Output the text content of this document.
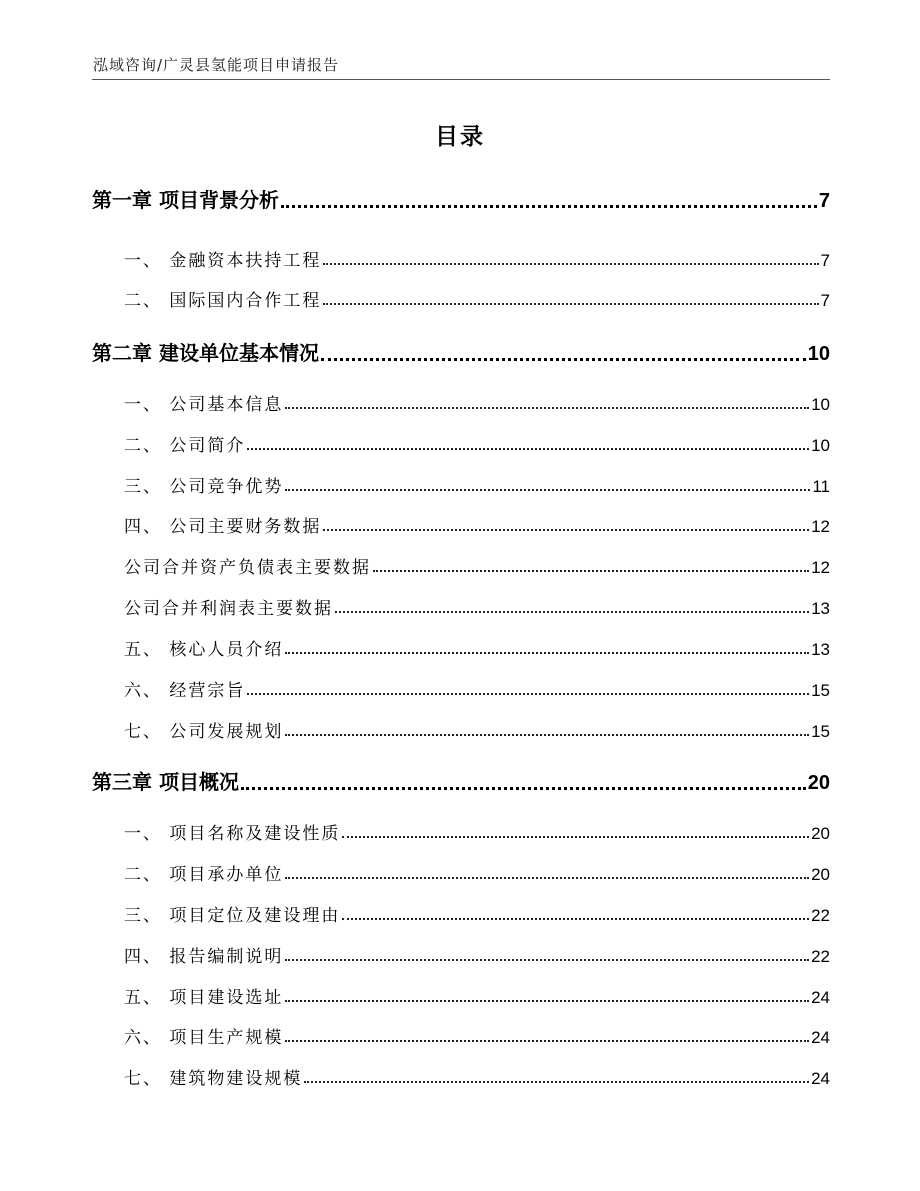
泓域咨询/广灵县氢能项目申请报告
目录
第一章 项目背景分析	7
一、 金融资本扶持工程	7
二、 国际国内合作工程	7
第二章 建设单位基本情况	10
一、 公司基本信息	10
二、 公司简介	10
三、 公司竞争优势	11
四、 公司主要财务数据	12
公司合并资产负债表主要数据	12
公司合并利润表主要数据	13
五、 核心人员介绍	13
六、 经营宗旨	15
七、 公司发展规划	15
第三章 项目概况	20
一、 项目名称及建设性质	20
二、 项目承办单位	20
三、 项目定位及建设理由	22
四、 报告编制说明	22
五、 项目建设选址	24
六、 项目生产规模	24
七、 建筑物建设规模	24
